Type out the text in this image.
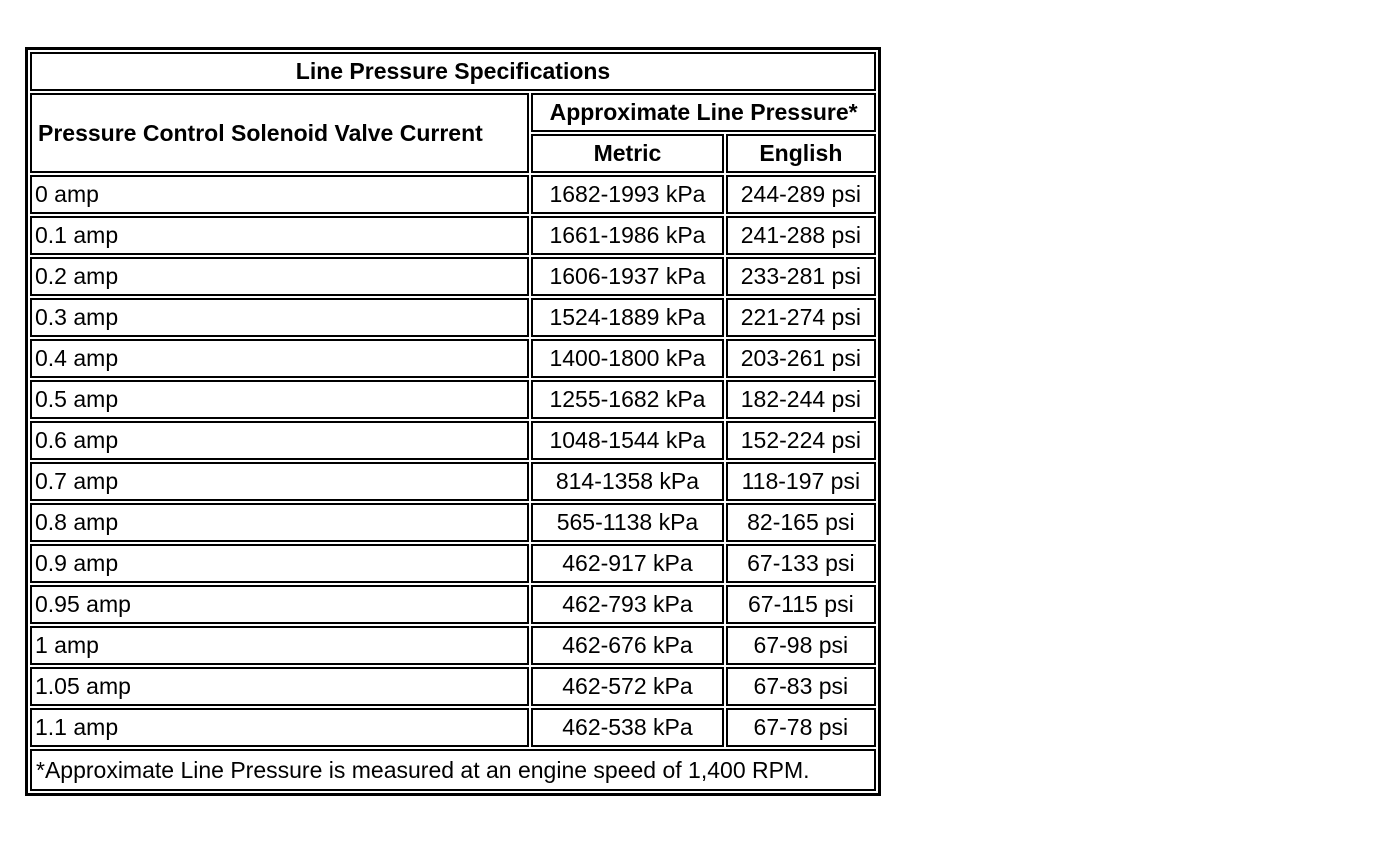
Line Pressure Specifications		
Pressure Control Solenoid Valve Current	Approximate Line Pressure*	
	Metric	English
0 amp	1682-1993 kPa	244-289 psi
0.1 amp	1661-1986 kPa	241-288 psi
0.2 amp	1606-1937 kPa	233-281 psi
0.3 amp	1524-1889 kPa	221-274 psi
0.4 amp	1400-1800 kPa	203-261 psi
0.5 amp	1255-1682 kPa	182-244 psi
0.6 amp	1048-1544 kPa	152-224 psi
0.7 amp	814-1358 kPa	118-197 psi
0.8 amp	565-1138 kPa	82-165 psi
0.9 amp	462-917 kPa	67-133 psi
0.95 amp	462-793 kPa	67-115 psi
1 amp	462-676 kPa	67-98 psi
1.05 amp	462-572 kPa	67-83 psi
1.1 amp	462-538 kPa	67-78 psi
*Approximate Line Pressure is measured at an engine speed of 1,400 RPM.		
